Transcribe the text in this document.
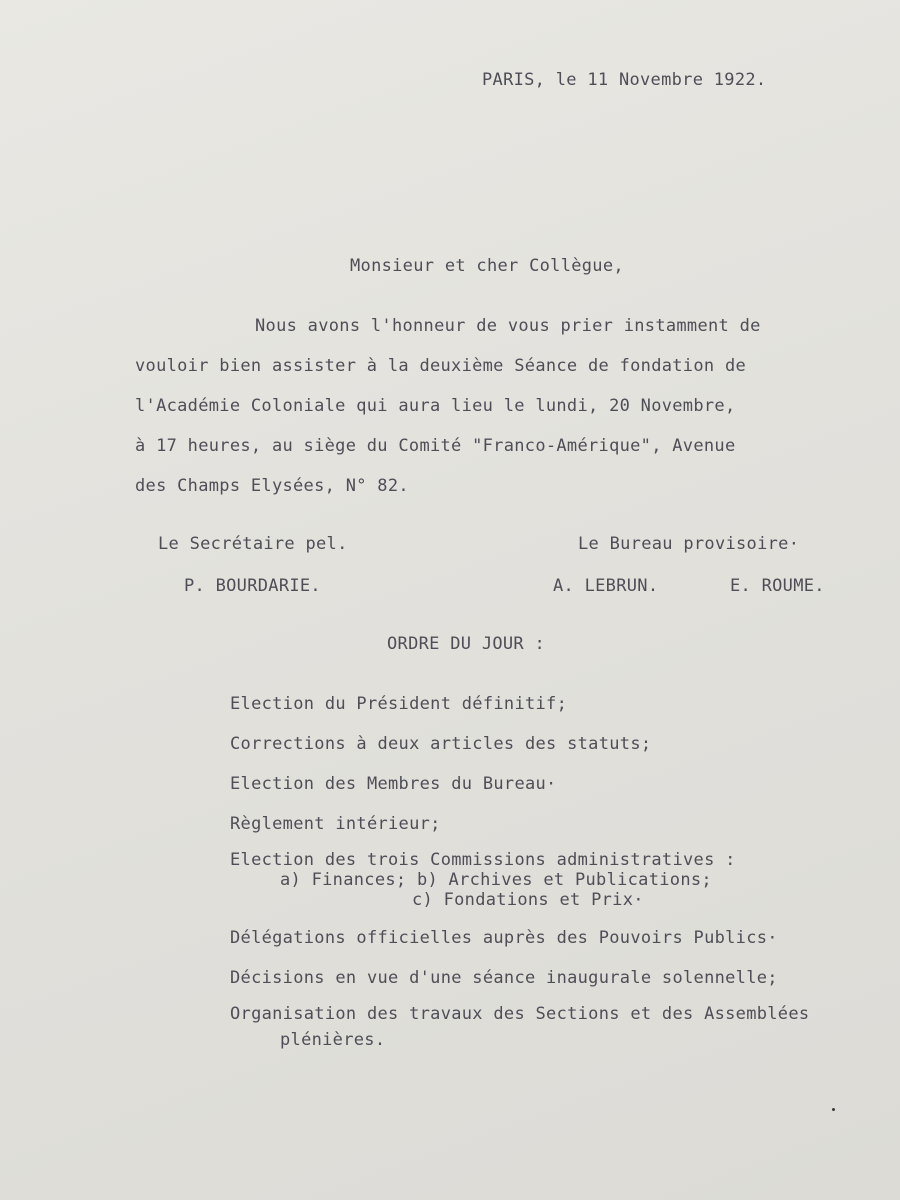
PARIS, le 11 Novembre 1922.

Monsieur et cher Collègue,

Nous avons l'honneur de vous prier instamment de

vouloir bien assister à la deuxième Séance de fondation de

l'Académie Coloniale qui aura lieu le lundi, 20 Novembre,

à 17 heures, au siège du Comité "Franco-Amérique", Avenue

des Champs Elysées, N° 82.

Le Secrétaire pel.	Le Bureau provisoire·

P. BOURDARIE.	A. LEBRUN.	E. ROUME.

ORDRE DU JOUR :

Election du Président définitif;

Corrections à deux articles des statuts;

Election des Membres du Bureau·

Règlement intérieur;

Election des trois Commissions administratives :

a) Finances; b) Archives et Publications;

c) Fondations et Prix·

Délégations officielles auprès des Pouvoirs Publics·

Décisions en vue d'une séance inaugurale solennelle;

Organisation des travaux des Sections et des Assemblées

plénières.
